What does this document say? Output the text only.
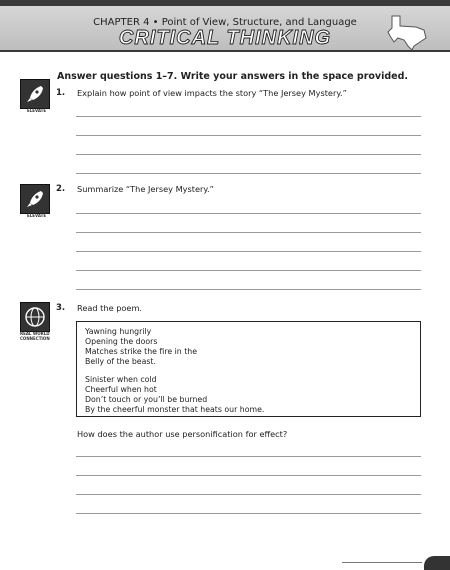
CHAPTER 4 • Point of View, Structure, and Language
CRITICAL THINKING
Answer questions 1–7. Write your answers in the space provided.
ELEVATE
1. Explain how point of view impacts the story “The Jersey Mystery.”
ELEVATE
2. Summarize “The Jersey Mystery.”
REAL WORLD CONNECTION
3. Read the poem.

Yawning hungrily

Opening the doors

Matches strike the fire in the

Belly of the beast.

Sinister when cold

Cheerful when hot

Don’t touch or you’ll be burned

By the cheerful monster that heats our home.

How does the author use personification for effect?
